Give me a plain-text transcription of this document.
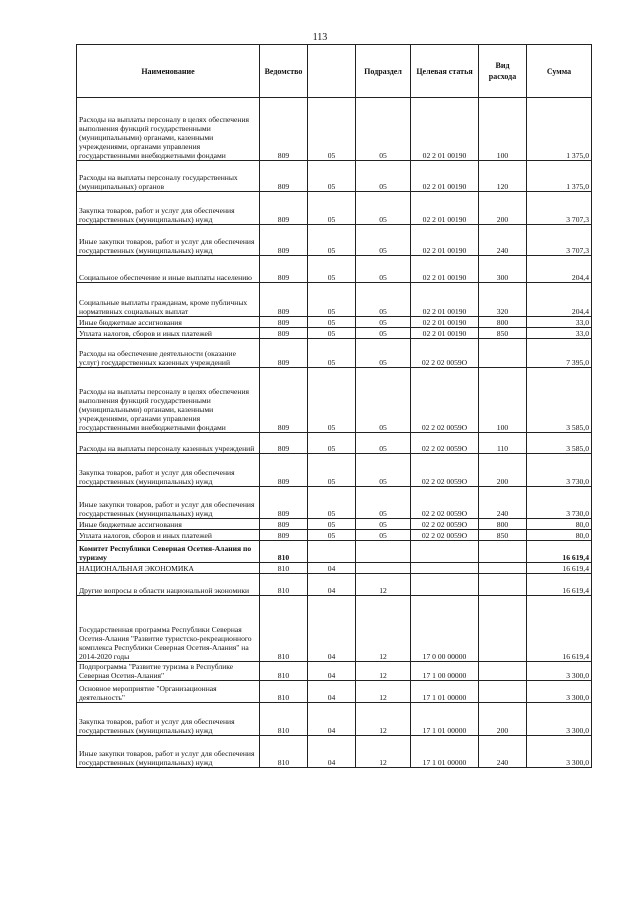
113
Наименование	Ведомство		Подраздел	Целевая статья	Вид расхода	Сумма
Расходы на выплаты персоналу в целях обеспечения выполнения функций государственными (муниципальными) органами, казенными учреждениями, органами управления государственными внебюджетными фондами	809	05	05	02 2 01 00190	100	1 375,0
Расходы на выплаты персоналу государственных (муниципальных) органов	809	05	05	02 2 01 00190	120	1 375,0
Закупка товаров, работ и услуг для обеспечения государственных (муниципальных) нужд	809	05	05	02 2 01 00190	200	3 707,3
Иные закупки товаров, работ и услуг для обеспечения государственных (муниципальных) нужд	809	05	05	02 2 01 00190	240	3 707,3
Социальное обеспечение и иные выплаты населению	809	05	05	02 2 01 00190	300	204,4
Социальные выплаты гражданам, кроме публичных нормативных социальных выплат	809	05	05	02 2 01 00190	320	204,4
Иные бюджетные ассигнования	809	05	05	02 2 01 00190	800	33,0
Уплата налогов, сборов и иных платежей	809	05	05	02 2 01 00190	850	33,0
Расходы на обеспечение деятельности (оказание услуг) государственных казенных учреждений	809	05	05	02 2 02 0059О		7 395,0
Расходы на выплаты персоналу в целях обеспечения выполнения функций государственными (муниципальными) органами, казенными учреждениями, органами управления государственными внебюджетными фондами	809	05	05	02 2 02 0059О	100	3 585,0
Расходы на выплаты персоналу казенных учреждений	809	05	05	02 2 02 0059О	110	3 585,0
Закупка товаров, работ и услуг для обеспечения государственных (муниципальных) нужд	809	05	05	02 2 02 0059О	200	3 730,0
Иные закупки товаров, работ и услуг для обеспечения государственных (муниципальных) нужд	809	05	05	02 2 02 0059О	240	3 730,0
Иные бюджетные ассигнования	809	05	05	02 2 02 0059О	800	80,0
Уплата налогов, сборов и иных платежей	809	05	05	02 2 02 0059О	850	80,0
Комитет Республики Северная Осетия-Алания по туризму	810					16 619,4
НАЦИОНАЛЬНАЯ ЭКОНОМИКА	810	04				16 619,4
Другие вопросы в области национальной экономики	810	04	12			16 619,4
Государственная программа Республики Северная Осетия-Алания "Развитие туристско-рекреационного комплекса Республики Северная Осетия-Алания" на 2014-2020 годы	810	04	12	17 0 00 00000		16 619,4
Подпрограмма "Развитие туризма в Республике Северная Осетия-Алания"	810	04	12	17 1 00 00000		3 300,0
Основное мероприятие "Организационная деятельность"	810	04	12	17 1 01 00000		3 300,0
Закупка товаров, работ и услуг для обеспечения государственных (муниципальных) нужд	810	04	12	17 1 01 00000	200	3 300,0
Иные закупки товаров, работ и услуг для обеспечения государственных (муниципальных) нужд	810	04	12	17 1 01 00000	240	3 300,0
